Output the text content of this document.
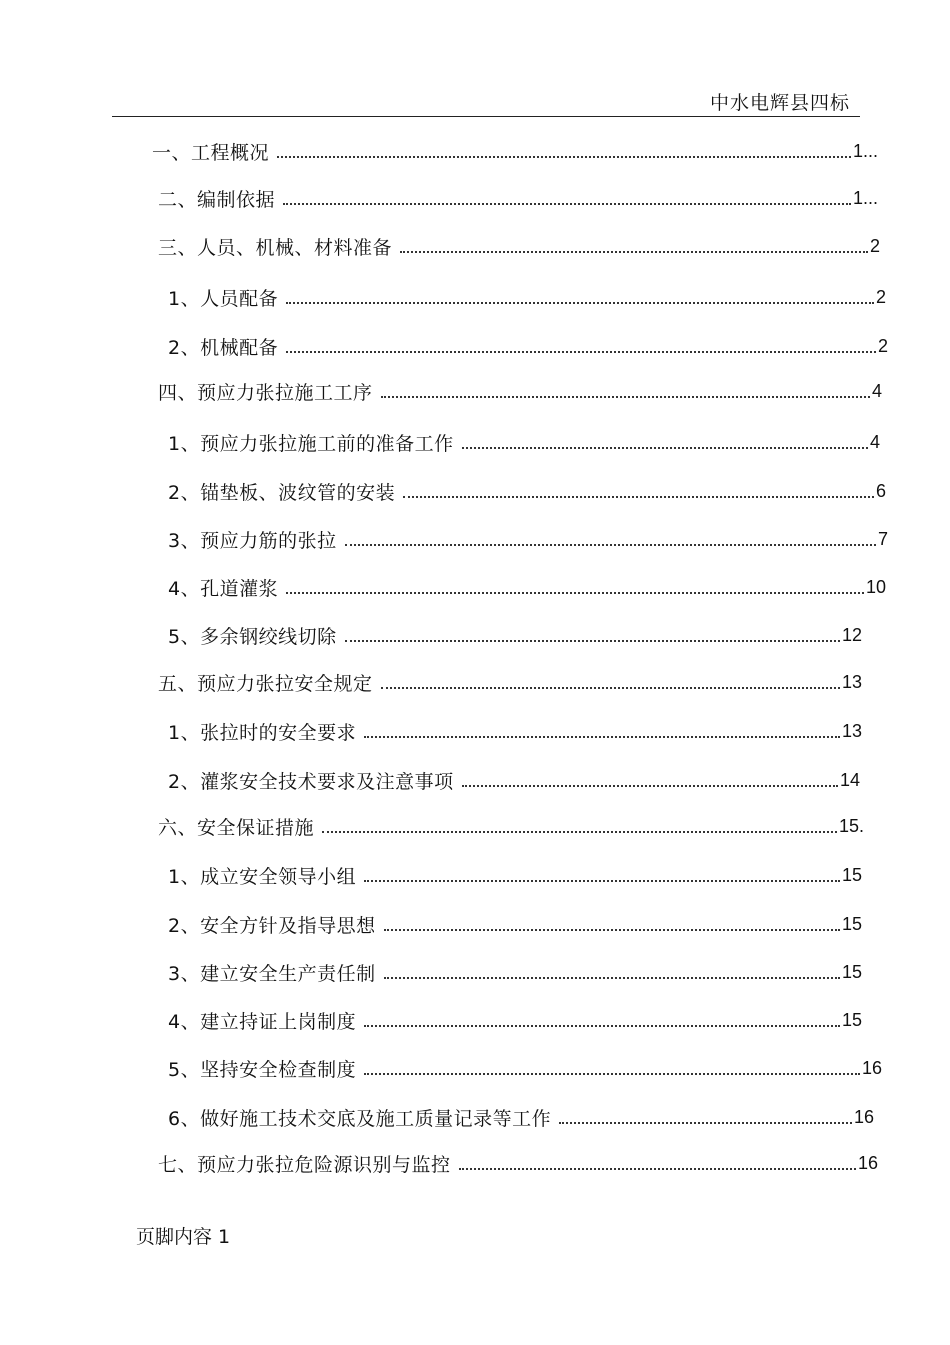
中水电辉县四标
一、工程概况	1...
二、编制依据	1...
三、人员、机械、材料准备	2
1、人员配备	2
2、机械配备	2
四、预应力张拉施工工序	4
1、预应力张拉施工前的准备工作	4
2、锚垫板、波纹管的安装	6
3、预应力筋的张拉	7
4、孔道灌浆	10
5、多余钢绞线切除	12
五、预应力张拉安全规定	13
1、张拉时的安全要求	13
2、灌浆安全技术要求及注意事项	14
六、安全保证措施	15.
1、成立安全领导小组	15
2、安全方针及指导思想	15
3、建立安全生产责任制	15
4、建立持证上岗制度	15
5、坚持安全检查制度	16
6、做好施工技术交底及施工质量记录等工作	16
七、预应力张拉危险源识别与监控	16
页脚内容 1
